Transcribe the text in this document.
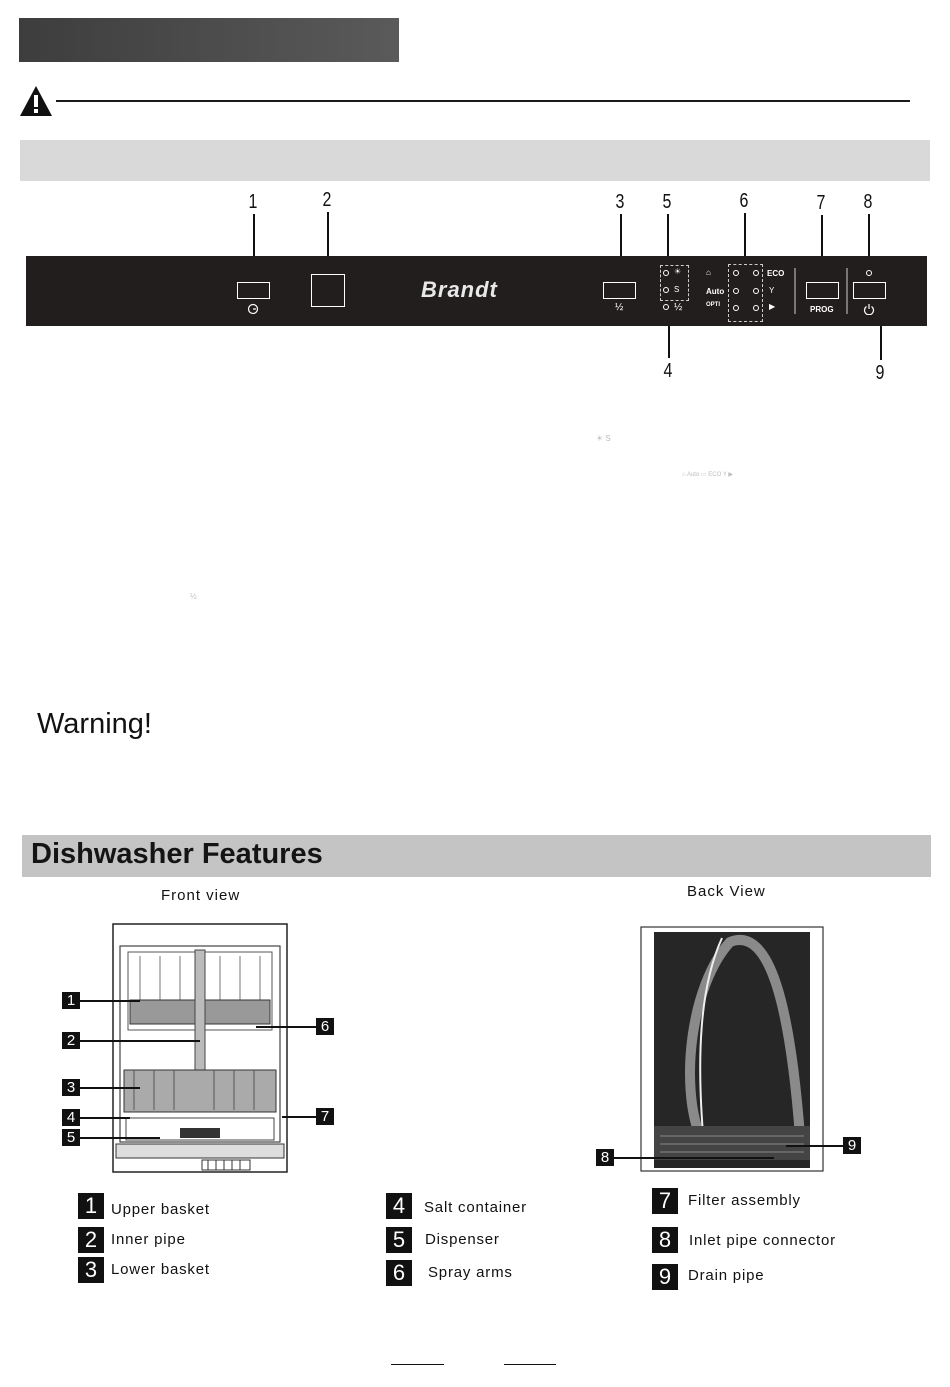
1	2	3 5	6	7 8
4	9
Brandt
½
☀
S
½
⌂
Auto
OPTI
ECO
Y
▶	PROG
☀ S
⌂ Auto ▭ ECO Y ▶
½
Warning!
Dishwasher Features
Front view	Back View
1
2
3
4
5
6
7
8
9
1 Upper basket
2 Inner pipe
3 Lower basket
4	Salt container
5	Dispenser
6	Spray arms
7	Filter assembly
8	Inlet pipe connector
9	Drain pipe
